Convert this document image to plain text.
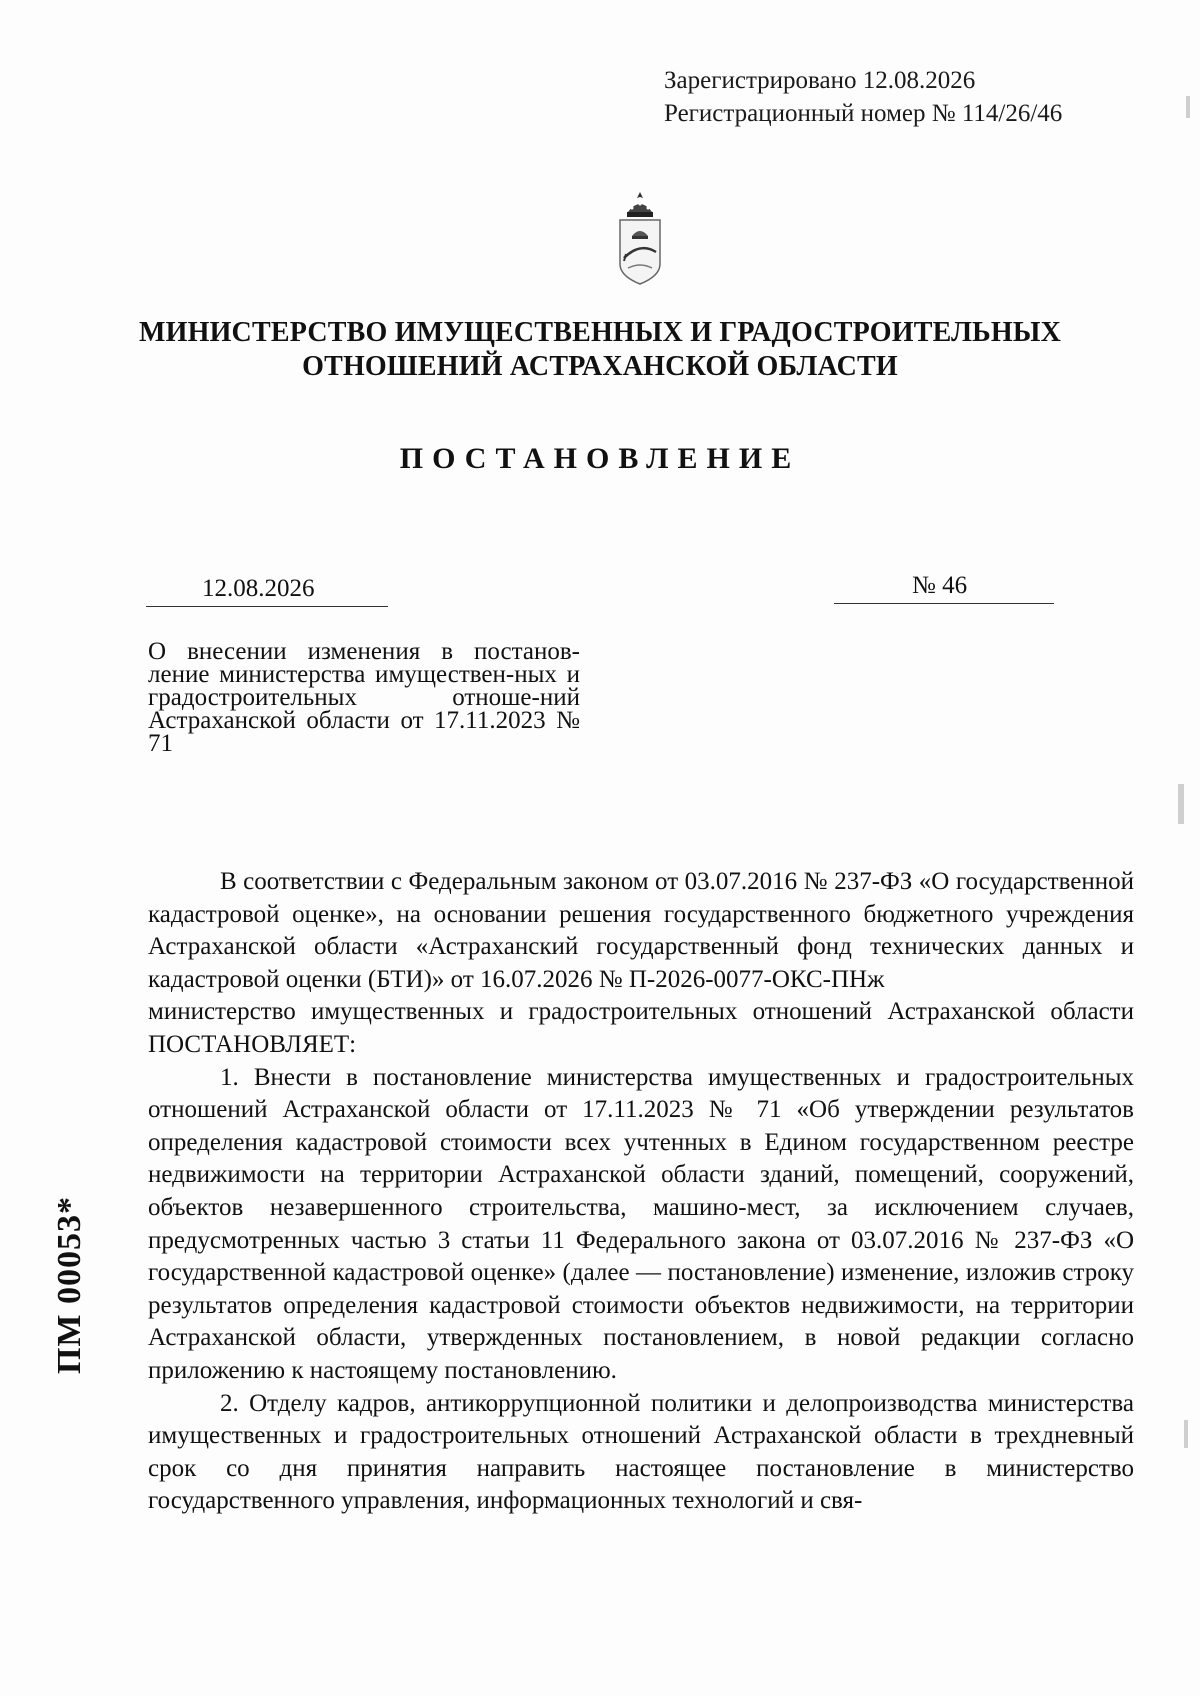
Зарегистрировано 12.08.2026
Регистрационный номер № 114/26/46
МИНИСТЕРСТВО ИМУЩЕСТВЕННЫХ И ГРАДОСТРОИТЕЛЬНЫХ
ОТНОШЕНИЙ АСТРАХАНСКОЙ ОБЛАСТИ
ПОСТАНОВЛЕНИЕ
12.08.2026	№ 46
О внесении изменения в постанов-ление министерства имуществен-ных и градостроительных отноше-ний Астраханской области от 17.11.2023 № 71

В соответствии с Федеральным законом от 03.07.2016 № 237-ФЗ «О государственной кадастровой оценке», на основании решения государственного бюджетного учреждения Астраханской области «Астраханский государственный фонд технических данных и кадастровой оценки (БТИ)» от 16.07.2026 № П-2026-0077-ОКС-ПНж

министерство имущественных и градостроительных отношений Астраханской области ПОСТАНОВЛЯЕТ:

1. Внести в постановление министерства имущественных и градостроительных отношений Астраханской области от 17.11.2023 № 71 «Об утверждении результатов определения кадастровой стоимости всех учтенных в Едином государственном реестре недвижимости на территории Астраханской области зданий, помещений, сооружений, объектов незавершенного строительства, машино-мест, за исключением случаев, предусмотренных частью 3 статьи 11 Федерального закона от 03.07.2016 № 237-ФЗ «О государственной кадастровой оценке» (далее — постановление) изменение, изложив строку результатов определения кадастровой стоимости объектов недвижимости, на территории Астраханской области, утвержденных постановлением, в новой редакции согласно приложению к настоящему постановлению.

2. Отделу кадров, антикоррупционной политики и делопроизводства министерства имущественных и градостроительных отношений Астраханской области в трехдневный срок со дня принятия направить настоящее постановление в министерство государственного управления, информационных технологий и свя-

ПМ 00053*
